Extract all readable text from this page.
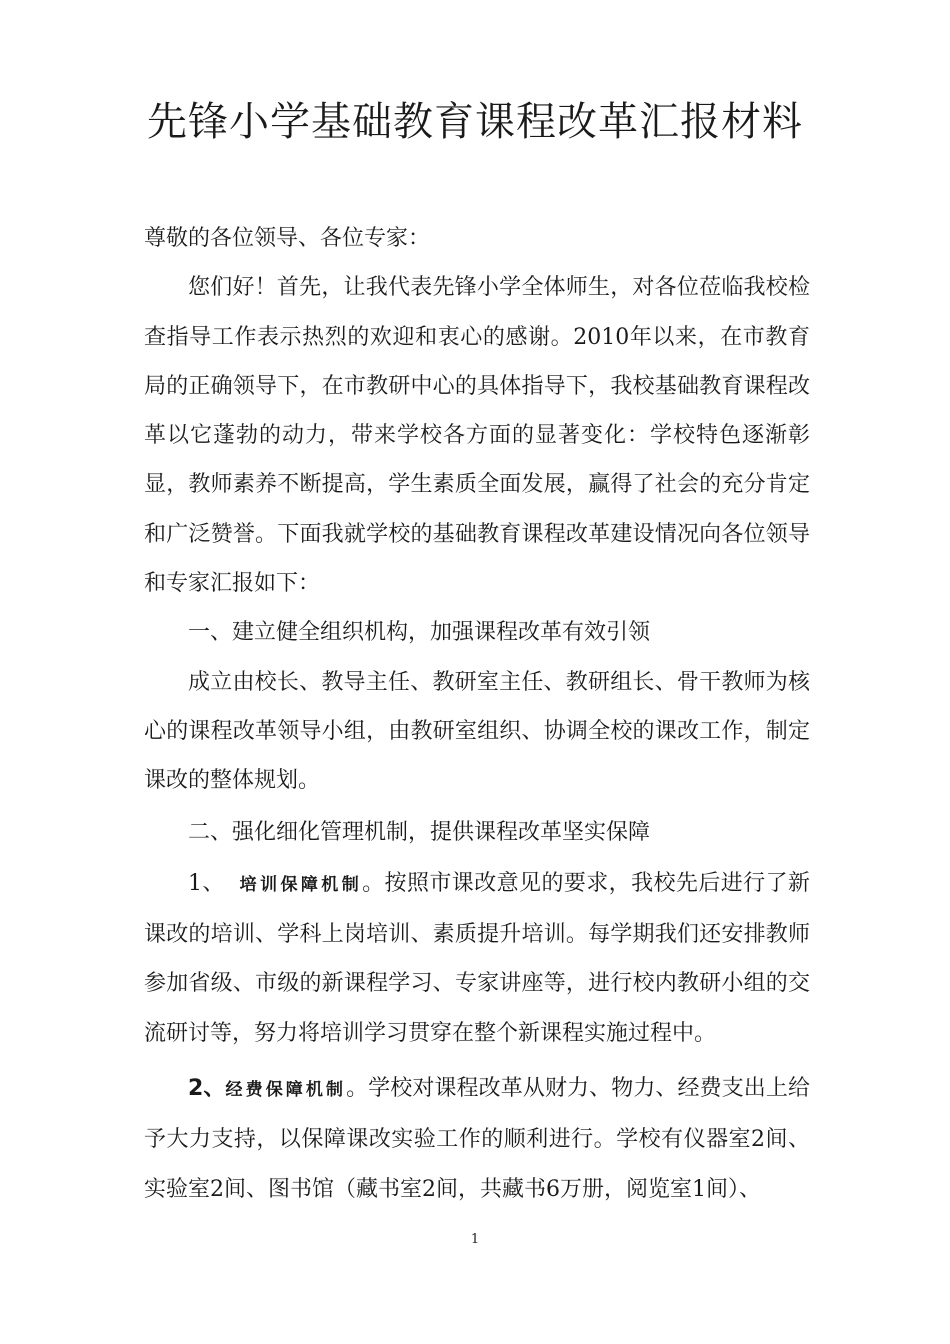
先锋小学基础教育课程改革汇报材料

尊敬的各位领导、各位专家：

您们好！首先，让我代表先锋小学全体师生，对各位莅临我校检查指导工作表示热烈的欢迎和衷心的感谢。2010年以来，在市教育局的正确领导下，在市教研中心的具体指导下，我校基础教育课程改革以它蓬勃的动力，带来学校各方面的显著变化：学校特色逐渐彰显，教师素养不断提高，学生素质全面发展，赢得了社会的充分肯定和广泛赞誉。下面我就学校的基础教育课程改革建设情况向各位领导和专家汇报如下：

一、建立健全组织机构，加强课程改革有效引领

成立由校长、教导主任、教研室主任、教研组长、骨干教师为核心的课程改革领导小组，由教研室组织、协调全校的课改工作，制定课改的整体规划。

二、强化细化管理机制，提供课程改革坚实保障

1、 培训保障机制。按照市课改意见的要求，我校先后进行了新课改的培训、学科上岗培训、素质提升培训。每学期我们还安排教师参加省级、市级的新课程学习、专家讲座等，进行校内教研小组的交流研讨等，努力将培训学习贯穿在整个新课程实施过程中。

2、经费保障机制。学校对课程改革从财力、物力、经费支出上给予大力支持，以保障课改实验工作的顺利进行。学校有仪器室2间、实验室2间、图书馆（藏书室2间，共藏书6万册，阅览室1间）、

1
